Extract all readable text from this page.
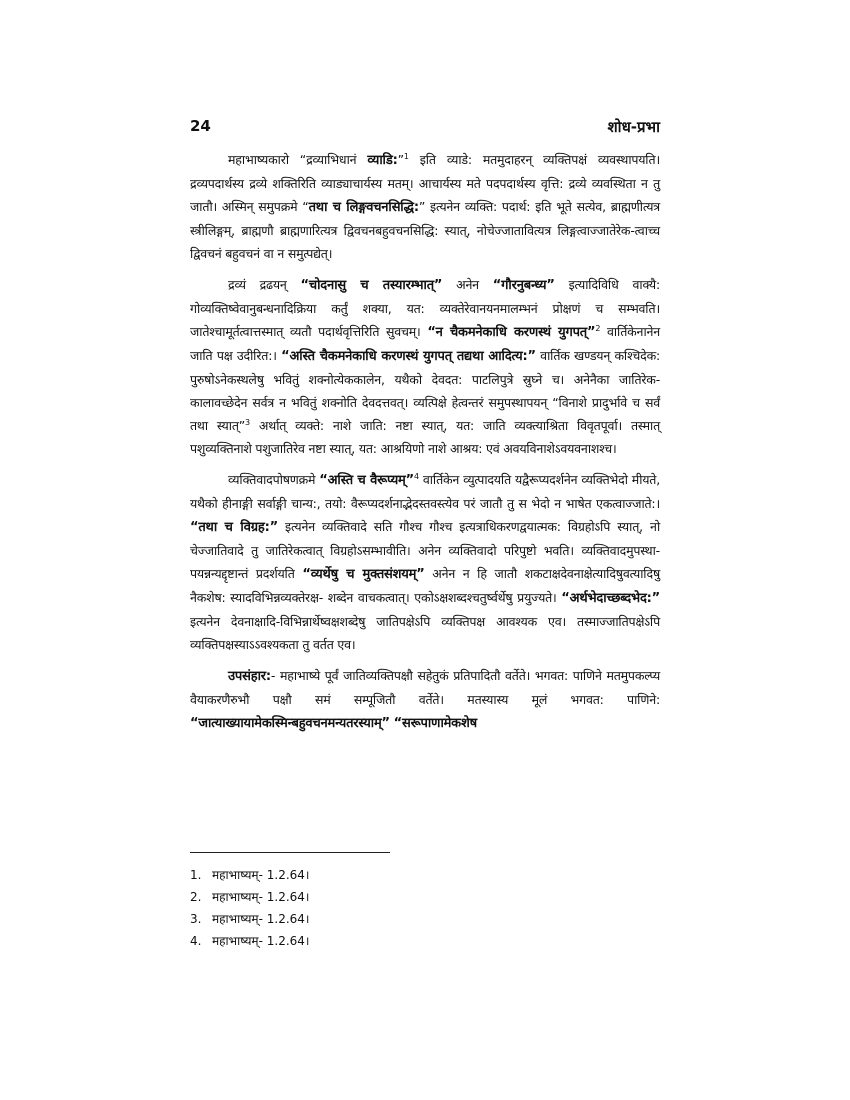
24	शोध-प्रभा

महाभाष्यकारो “द्रव्याभिधानं व्याडि:”$^1$ इति व्याडे: मतमुदाहरन् व्यक्तिपक्षं व्यवस्थापयति। द्रव्यपदार्थस्य द्रव्ये शक्तिरिति व्याड्याचार्यस्य मतम्। आचार्यस्य मते पदपदार्थस्य वृत्ति: द्रव्ये व्यवस्थिता न तु जातौ। अस्मिन् समुपक्रमे “तथा च लिङ्गवचनसिद्धि:” इत्यनेन व्यक्ति: पदार्थ: इति भूते सत्येव, ब्राह्मणीत्यत्र स्त्रीलिङ्गम्, ब्राह्मणौ ब्राह्मणारित्यत्र द्विवचनबहुवचनसिद्धि: स्यात्, नोचेज्जातावित्यत्र लिङ्गत्वाज्जातेरेक-त्वाच्च द्विवचनं बहुवचनं वा न समुत्पद्येत्।

द्रव्यं द्रढयन् “चोदनासु च तस्यारम्भात्” अनेन “गौरनुबन्ध्य” इत्यादिविधि वाक्यै: गोव्यक्तिष्वेवानुबन्धनादिक्रिया कर्तुं शक्या, यत: व्यक्तेरेवानयनमालम्भनं प्रोक्षणं च सम्भवति। जातेश्चामूर्तत्वात्तस्मात् व्यतौ पदार्थवृत्तिरिति सुवचम्। “न चैकमनेकाधि करणस्थं युगपत्”$^2$ वार्तिकेनानेन जाति पक्ष उदीरित:। “अस्ति चैकमनेकाधि करणस्थं युगपत् तद्यथा आदित्य:” वार्तिक खण्डयन् कश्चिदेक: पुरुषोऽनेकस्थलेषु भवितुं शक्नोत्येककालेन, यथैको देवदत: पाटलिपुत्रे स्रुघ्ने च। अनेनैका जातिरेक-कालावच्छेदेन सर्वत्र न भवितुं शक्नोति देवदत्तवत्। व्यत्पिक्षे हेत्वन्तरं समुपस्थापयन् “विनाशे प्रादुर्भावे च सर्वं तथा स्यात्”$^3$ अर्थात् व्यक्ते: नाशे जाति: नष्टा स्यात्, यत: जाति व्यक्त्याश्रिता विवृतपूर्वा। तस्मात् पशुव्यक्तिनाशे पशुजातिरेव नष्टा स्यात्, यत: आश्रयिणो नाशे आश्रय: एवं अवयविनाशेऽवयवनाशश्च।

व्यक्तिवादपोषणक्रमे “अस्ति च वैरूप्यम्”$^4$ वार्तिकेन व्युत्पादयति यद्वैरूप्यदर्शनेन व्यक्तिभेदो मीयते, यथैको हीनाङ्गी सर्वाङ्गी चान्य:, तयो: वैरूप्यदर्शनाद्भेदस्तवस्त्येव परं जातौ तु स भेदो न भाषेत एकत्वाज्जाते:। “तथा च विग्रह:” इत्यनेन व्यक्तिवादे सति गौश्च गौश्च इत्यत्राधिकरणद्वयात्मक: विग्रहोऽपि स्यात्, नो चेज्जातिवादे तु जातिरेकत्वात् विग्रहोऽसम्भावीति। अनेन व्यक्तिवादो परिपुष्टो भवति। व्यक्तिवादमुपस्था-पयन्नन्यद्दृष्टान्तं प्रदर्शयति “व्यर्थेषु च मुक्तसंशयम्” अनेन न हि जातौ शकटाक्षदेवनाक्षेत्यादिषुवत्यादिषु नैकशेष: स्यादविभिन्नव्यक्तेरक्ष- शब्देन वाचकत्वात्। एकोऽक्षशब्दश्चतुर्ष्वर्थेषु प्रयुज्यते। “अर्थभेदाच्छब्दभेद:” इत्यनेन देवनाक्षादि-विभिन्नार्थेष्वक्षशब्देषु जातिपक्षेऽपि व्यक्तिपक्ष आवश्यक एव। तस्माज्जातिपक्षेऽपि व्यक्तिपक्षस्याऽऽवश्यकता तु वर्तत एव।

उपसंहार:- महाभाष्ये पूर्वं जातिव्यक्तिपक्षौ सहेतुकं प्रतिपादितौ वर्तेते। भगवत: पाणिने मतमुपकल्प्य वैयाकरणैरुभौ पक्षौ समं सम्पूजितौ वर्तेते। मतस्यास्य मूलं भगवत: पाणिने: “जात्याख्यायामेकस्मिन्बहुवचनमन्यतरस्याम्” “सरूपाणामेकशेष

1. महाभाष्यम्- 1.2.64।
2. महाभाष्यम्- 1.2.64।
3. महाभाष्यम्- 1.2.64।
4. महाभाष्यम्- 1.2.64।
